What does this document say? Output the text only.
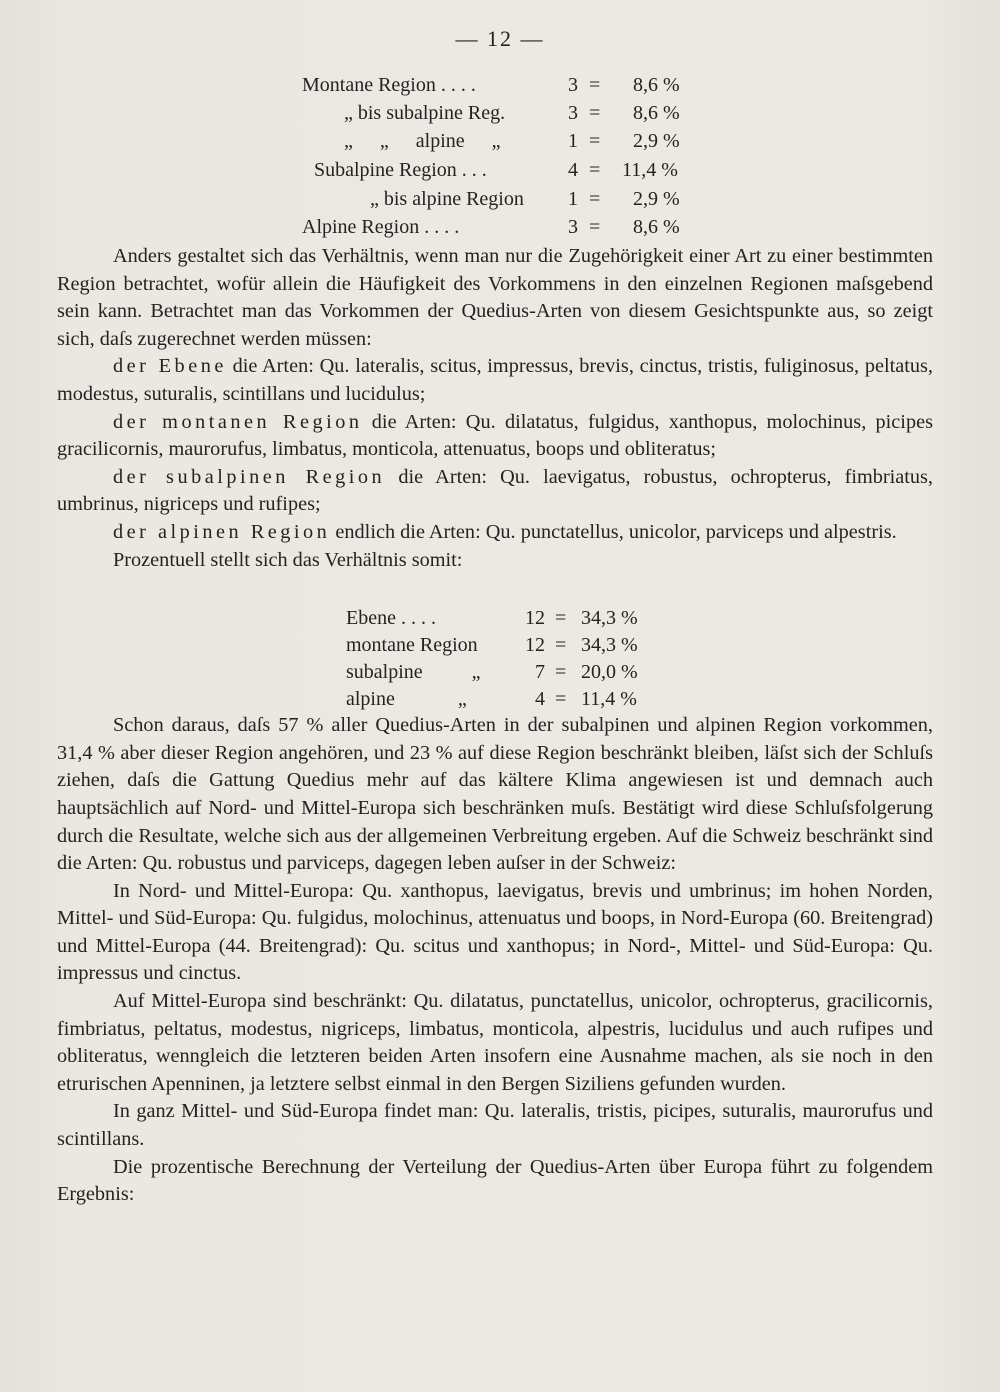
— 12 —
Montane Region . . . .	3 = 8,6 %
„ bis subalpine Reg.	3 = 8,6 %
„ „ alpine „	1 = 2,9 %
Subalpine Region . . .	4 = 11,4 %
„ bis alpine Region	1 = 2,9 %
Alpine Region . . . .	3 = 8,6 %

Anders gestaltet sich das Verhältnis, wenn man nur die Zugehörigkeit einer Art zu einer bestimmten Region betrachtet, wofür allein die Häufigkeit des Vorkommens in den einzelnen Regionen maſsgebend sein kann. Betrachtet man das Vorkommen der Quedius-Arten von diesem Gesichtspunkte aus, so zeigt sich, daſs zugerechnet werden müssen:

der Ebene die Arten: Qu. lateralis, scitus, impressus, brevis, cinctus, tristis, fuliginosus, peltatus, modestus, suturalis, scintillans und lucidulus;

der montanen Region die Arten: Qu. dilatatus, fulgidus, xanthopus, molochinus, picipes gracilicornis, maurorufus, limbatus, monticola, attenuatus, boops und obliteratus;

der subalpinen Region die Arten: Qu. laevigatus, robustus, ochropterus, fimbriatus, umbrinus, nigriceps und rufipes;

der alpinen Region endlich die Arten: Qu. punctatellus, unicolor, parviceps und alpestris.

Prozentuell stellt sich das Verhältnis somit:

Schon daraus, daſs 57 % aller Quedius-Arten in der subalpinen und alpinen Region vorkommen, 31,4 % aber dieser Region angehören, und 23 % auf diese Region beschränkt bleiben, läſst sich der Schluſs ziehen, daſs die Gattung Quedius mehr auf das kältere Klima angewiesen ist und demnach auch hauptsächlich auf Nord- und Mittel-Europa sich beschränken muſs. Bestätigt wird diese Schluſsfolgerung durch die Resultate, welche sich aus der allgemeinen Verbreitung ergeben. Auf die Schweiz beschränkt sind die Arten: Qu. robustus und parviceps, dagegen leben auſser in der Schweiz:

In Nord- und Mittel-Europa: Qu. xanthopus, laevigatus, brevis und umbrinus; im hohen Norden, Mittel- und Süd-Europa: Qu. fulgidus, molochinus, attenuatus und boops, in Nord-Europa (60. Breitengrad) und Mittel-Europa (44. Breitengrad): Qu. scitus und xanthopus; in Nord-, Mittel- und Süd-Europa: Qu. impressus und cinctus.

Auf Mittel-Europa sind beschränkt: Qu. dilatatus, punctatellus, unicolor, ochropterus, gracilicornis, fimbriatus, peltatus, modestus, nigriceps, limbatus, monticola, alpestris, lucidulus und auch rufipes und obliteratus, wenngleich die letzteren beiden Arten insofern eine Ausnahme machen, als sie noch in den etrurischen Apenninen, ja letztere selbst einmal in den Bergen Siziliens gefunden wurden.

In ganz Mittel- und Süd-Europa findet man: Qu. lateralis, tristis, picipes, suturalis, maurorufus und scintillans.

Die prozentische Berechnung der Verteilung der Quedius-Arten über Europa führt zu folgendem Ergebnis:

Ebene . . . .	12 = 34,3 %
montane Region	12 = 34,3 %
subalpine „	7 = 20,0 %
alpine „	4 = 11,4 %
